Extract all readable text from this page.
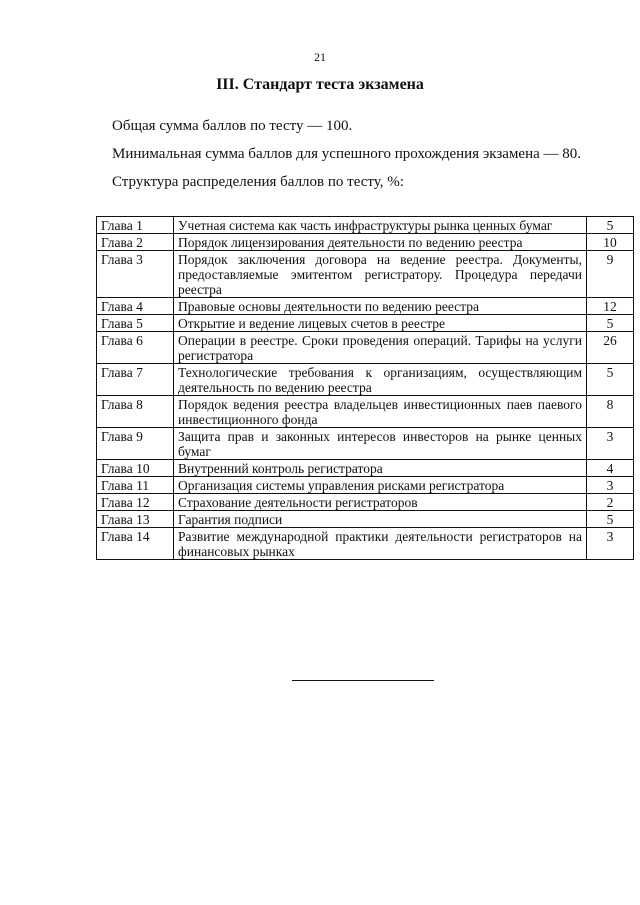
21
III. Стандарт теста экзамена
Общая сумма баллов по тесту — 100.
Минимальная сумма баллов для успешного прохождения экзамена — 80.
Структура распределения баллов по тесту, %:
Глава 1	Учетная система как часть инфраструктуры рынка ценных бумаг	5
Глава 2	Порядок лицензирования деятельности по ведению реестра	10
Глава 3	Порядок заключения договора на ведение реестра. Документы, предоставляемые эмитентом регистратору. Процедура передачи реестра	9
Глава 4	Правовые основы деятельности по ведению реестра	12
Глава 5	Открытие и ведение лицевых счетов в реестре	5
Глава 6	Операции в реестре. Сроки проведения операций. Тарифы на услуги регистратора	26
Глава 7	Технологические требования к организациям, осуществляющим деятельность по ведению реестра	5
Глава 8	Порядок ведения реестра владельцев инвестиционных паев паевого инвестиционного фонда	8
Глава 9	Защита прав и законных интересов инвесторов на рынке ценных бумаг	3
Глава 10	Внутренний контроль регистратора	4
Глава 11	Организация системы управления рисками регистратора	3
Глава 12	Страхование деятельности регистраторов	2
Глава 13	Гарантия подписи	5
Глава 14	Развитие международной практики деятельности регистраторов на финансовых рынках	3
